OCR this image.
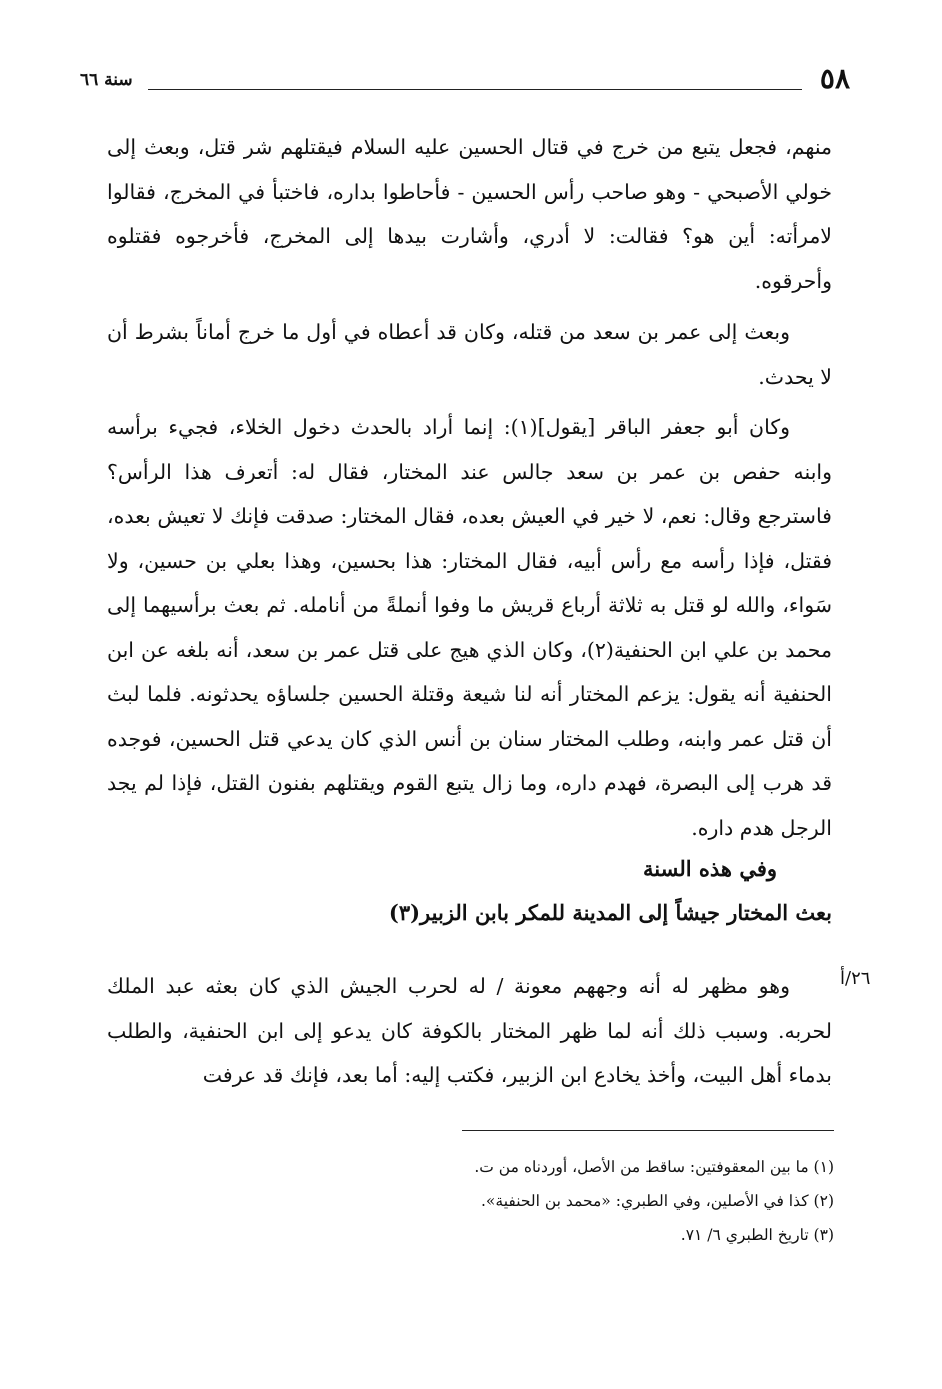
٥٨
سنة ٦٦
منهم، فجعل يتبع من خرج في قتال الحسين عليه السلام فيقتلهم شر قتل، وبعث إلى خولي الأصبحي - وهو صاحب رأس الحسين - فأحاطوا بداره، فاختبأ في المخرج، فقالوا لامرأته: أين هو؟ فقالت: لا أدري، وأشارت بيدها إلى المخرج، فأخرجوه فقتلوه وأحرقوه.
وبعث إلى عمر بن سعد من قتله، وكان قد أعطاه في أول ما خرج أماناً بشرط أن لا يحدث.
وكان أبو جعفر الباقر [يقول](١): إنما أراد بالحدث دخول الخلاء، فجيء برأسه وابنه حفص بن عمر بن سعد جالس عند المختار، فقال له: أتعرف هذا الرأس؟ فاسترجع وقال: نعم، لا خير في العيش بعده، فقال المختار: صدقت فإنك لا تعيش بعده، فقتل، فإذا رأسه مع رأس أبيه، فقال المختار: هذا بحسين، وهذا بعلي بن حسين، ولا سَواء، والله لو قتل به ثلاثة أرباع قريش ما وفوا أنملةً من أنامله. ثم بعث برأسيهما إلى محمد بن علي ابن الحنفية(٢)، وكان الذي هيج على قتل عمر بن سعد، أنه بلغه عن ابن الحنفية أنه يقول: يزعم المختار أنه لنا شيعة وقتلة الحسين جلساؤه يحدثونه. فلما لبث أن قتل عمر وابنه، وطلب المختار سنان بن أنس الذي كان يدعي قتل الحسين، فوجده قد هرب إلى البصرة، فهدم داره، وما زال يتبع القوم ويقتلهم بفنون القتل، فإذا لم يجد الرجل هدم داره.
وفي هذه السنة
بعث المختار جيشاً إلى المدينة للمكر بابن الزبير(٣)
وهو مظهر له أنه وجههم معونة / له لحرب الجيش الذي كان بعثه عبد الملك لحربه. وسبب ذلك أنه لما ظهر المختار بالكوفة كان يدعو إلى ابن الحنفية، والطلب بدماء أهل البيت، وأخذ يخادع ابن الزبير، فكتب إليه: أما بعد، فإنك قد عرفت
٢٦/أ
(١) ما بين المعقوفتين: ساقط من الأصل، أوردناه من ت.
(٢) كذا في الأصلين، وفي الطبري: «محمد بن الحنفية».
(٣) تاريخ الطبري ٦/ ٧١.
